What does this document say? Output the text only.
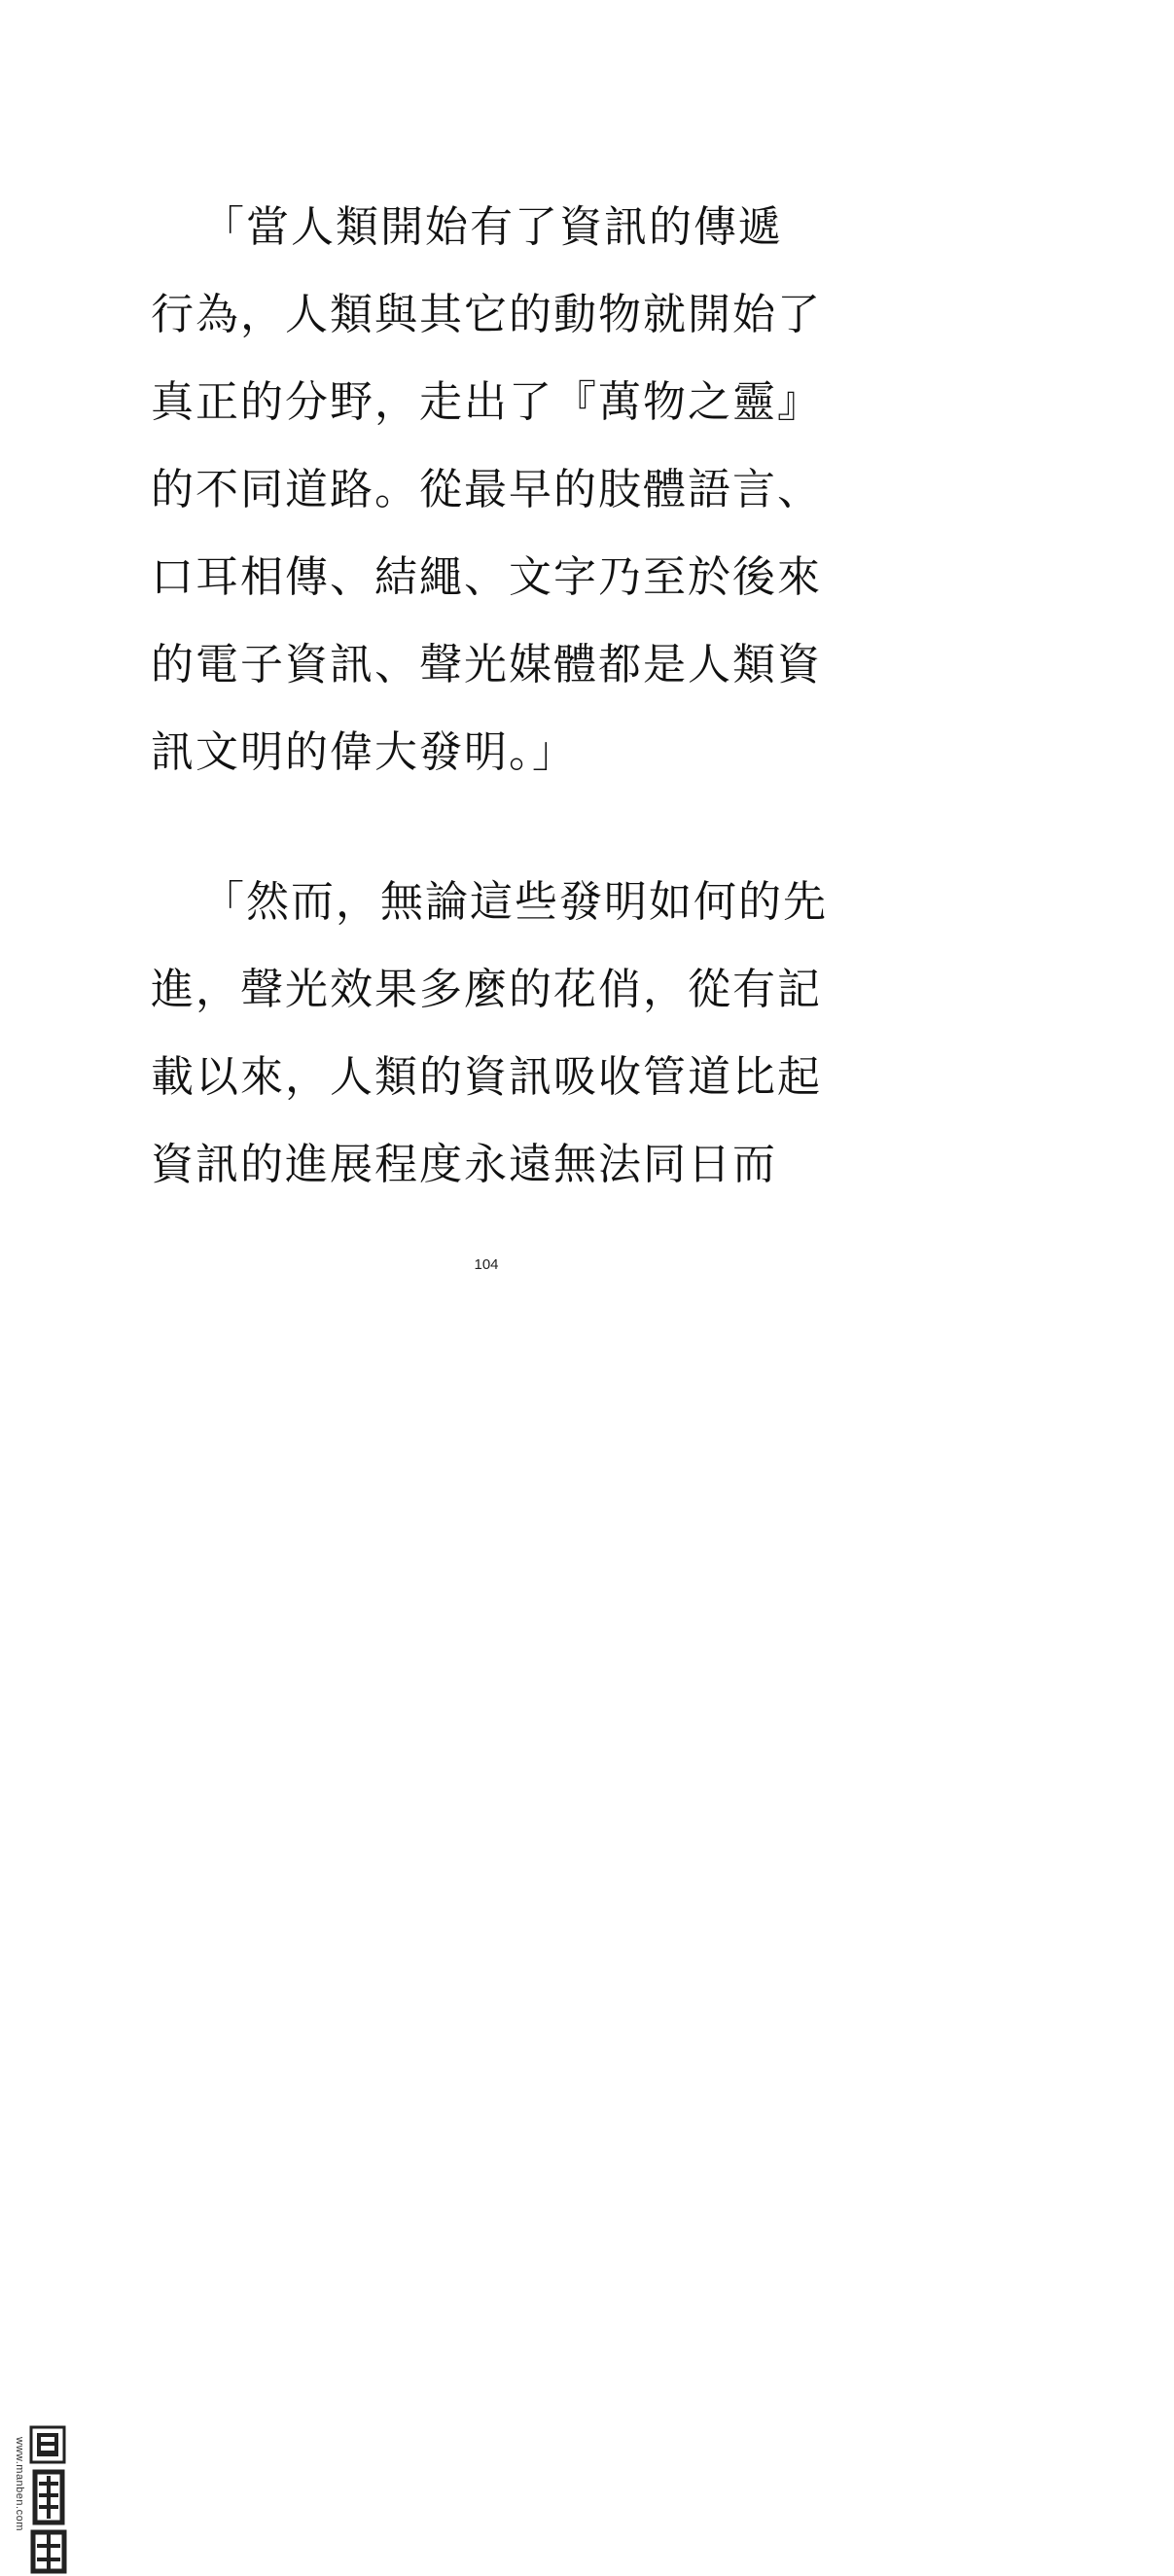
「當人類開始有了資訊的傳遞
行為，人類與其它的動物就開始了
真正的分野，走出了『萬物之靈』
的不同道路。從最早的肢體語言、
口耳相傳、結繩、文字乃至於後來
的電子資訊、聲光媒體都是人類資
訊文明的偉大發明。」
「然而，無論這些發明如何的先
進，聲光效果多麼的花俏，從有記
載以來，人類的資訊吸收管道比起
資訊的進展程度永遠無法同日而
104
www.manben.com
